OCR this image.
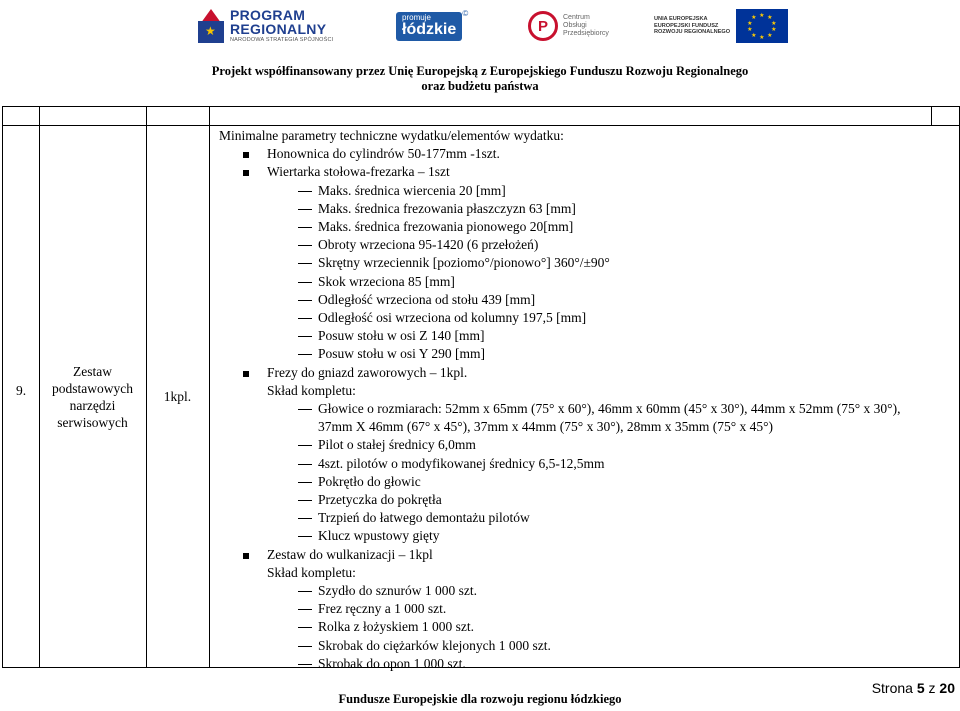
★
PROGRAM
REGIONALNY
NARODOWA STRATEGIA SPÓJNOŚCI
promuje
łódzkie
©
P
Centrum
Obsługi
Przedsiębiorcy
UNIA EUROPEJSKA
EUROPEJSKI FUNDUSZ
ROZWOJU REGIONALNEGO
★ ★
★
★
★
★
★
★
★
★
Projekt współfinansowany przez Unię Europejską z Europejskiego Funduszu Rozwoju Regionalnego
oraz budżetu państwa
9.
Zestaw
podstawowych
narzędzi
serwisowych
1kpl.
Minimalne parametry techniczne wydatku/elementów wydatku:
Honownica do cylindrów 50-177mm -1szt.
Wiertarka stołowa-frezarka – 1szt
Maks. średnica wiercenia 20 [mm]
Maks. średnica frezowania płaszczyzn 63 [mm]
Maks. średnica frezowania pionowego 20[mm]
Obroty wrzeciona 95-1420 (6 przełożeń)
Skrętny wrzeciennik [poziomo°/pionowo°] 360°/±90°
Skok wrzeciona 85 [mm]
Odległość wrzeciona od stołu 439 [mm]
Odległość osi wrzeciona od kolumny 197,5 [mm]
Posuw stołu w osi Z 140 [mm]
Posuw stołu w osi Y 290 [mm]
Frezy do gniazd zaworowych – 1kpl.
Skład kompletu:
Głowice o rozmiarach: 52mm x 65mm (75° x 60°), 46mm x 60mm (45° x 30°), 44mm x 52mm (75° x 30°),
37mm X 46mm (67° x 45°), 37mm x 44mm (75° x 30°), 28mm x 35mm (75° x 45°)
Pilot o stałej średnicy 6,0mm
4szt. pilotów o modyfikowanej średnicy 6,5-12,5mm
Pokrętło do głowic
Przetyczka do pokrętła
Trzpień do łatwego demontażu pilotów
Klucz wpustowy gięty
Zestaw do wulkanizacji – 1kpl
Skład kompletu:
Szydło do sznurów 1 000 szt.
Frez ręczny a 1 000 szt.
Rolka z łożyskiem 1 000 szt.
Skrobak do ciężarków klejonych 1 000 szt.
Skrobak do opon 1 000 szt.
Strona 5 z 20
Fundusze Europejskie dla rozwoju regionu łódzkiego
